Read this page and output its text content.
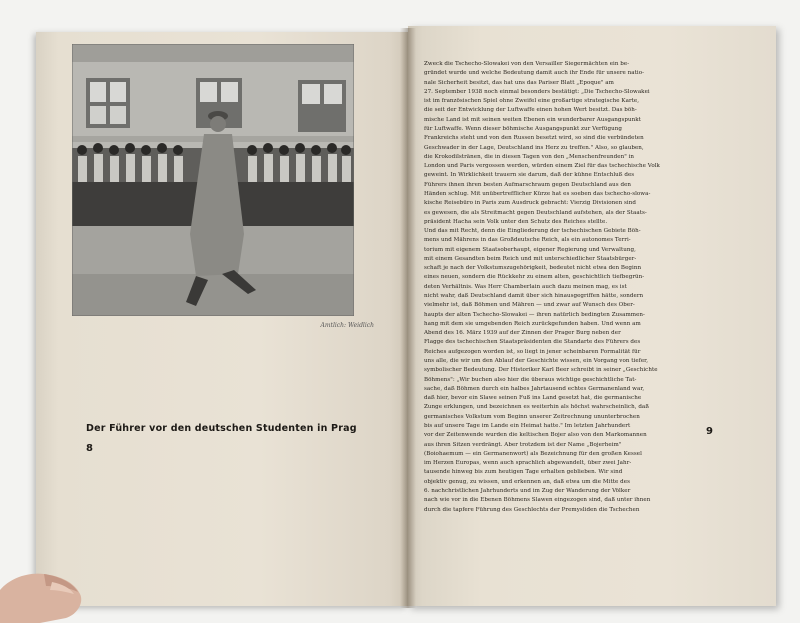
Amtlich: Weidlich
Der Führer vor den deutschen Studenten in Prag
8
Zweck die Tschecho-Slowakei von den Versailler Siegermächten ein be-
gründet wurde und welche Bedeutung damit auch ihr Ende für unsere natio-
nale Sicherheit besitzt, das hat uns das Pariser Blatt „Epoque" am
27. September 1938 noch einmal besonders bestätigt: „Die Tschecho-Slowakei
ist im französischen Spiel ohne Zweifel eine großartige strategische Karte,
die seit der Entwicklung der Luftwaffe einen hohen Wert besitzt. Das böh-
mische Land ist mit seinen weiten Ebenen ein wunderbarer Ausgangspunkt
für Luftwaffe. Wenn dieser böhmische Ausgangspunkt zur Verfügung
Frankreichs steht und von den Russen besetzt wird, so sind die verbündeten
Geschwader in der Lage, Deutschland ins Herz zu treffen." Also, so glauben,
die Krokodilstränen, die in diesen Tagen von den „Menschenfreunden" in
London und Paris vergossen werden, würden einem Ziel für das tschechische Volk
geweint. In Wirklichkeit trauern sie darum, daß der kühne Entschluß des
Führers ihnen ihren besten Aufmarschraum gegen Deutschland aus den
Händen schlug. Mit unübertrefflicher Kürze hat es soeben das tschecho-slowa-
kische Reisebüro in Paris zum Ausdruck gebracht: Vierzig Divisionen sind
es gewesen, die als Streitmacht gegen Deutschland aufstehen, als der Staats-
präsident Hacha sein Volk unter den Schutz des Reiches stellte.
Und das mit Recht, denn die Eingliederung der tschechischen Gebiete Böh-
mens und Mährens in das Großdeutsche Reich, als ein autonomes Terri-
torium mit eigenem Staatsoberhaupt, eigener Regierung und Verwaltung,
mit einem Gesandten beim Reich und mit unterschiedlicher Staatsbürger-
schaft je nach der Volkstumszugehörigkeit, bedeutet nicht etwa den Beginn
eines neuen, sondern die Rückkehr zu einem alten, geschichtlich tiefbegrün-
deten Verhältnis. Was Herr Chamberlain auch dazu meinen mag, es ist
nicht wahr, daß Deutschland damit über sich hinausgegriffen hätte, sondern
vielmehr ist, daß Böhmen und Mähren — und zwar auf Wunsch des Ober-
haupts der alten Tschecho-Slowakei — ihren natürlich bedingten Zusammen-
hang mit dem sie umgebenden Reich zurückgefunden haben. Und wenn am
Abend des 16. März 1939 auf der Zinnen der Prager Burg neben der
Flagge des tschechischen Staatspräsidenten die Standarte des Führers des
Reiches aufgezogen worden ist, so liegt in jener scheinbaren Formalität für
uns alle, die wir um den Ablauf der Geschichte wissen, ein Vorgang von tiefer,
symbolischer Bedeutung. Der Historiker Karl Beer schreibt in seiner „Geschichte
Böhmens": „Wir buchen also hier die überaus wichtige geschichtliche Tat-
sache, daß Böhmen durch ein halbes Jahrtausend echtes Germanenland war,
daß hier, bevor ein Slawe seinen Fuß ins Land gesetzt hat, die germanische
Zunge erklungen, und bezeichnen es weiterhin als höchst wahrscheinlich, daß
germanisches Volkstum vom Beginn unserer Zeitrechnung ununterbrochen
bis auf unsere Tage im Lande ein Heimat hatte." Im letzten Jahrhundert
vor der Zeitenwende wurden die keltischen Bojer also von den Markomannen
aus ihren Sitzen verdrängt. Aber trotzdem ist der Name „Bojerheim"
(Boiohaemum — ein Germanenwort) als Bezeichnung für den großen Kessel
im Herzen Europas, wenn auch sprachlich abgewandelt, über zwei Jahr-
tausende hinweg bis zum heutigen Tage erhalten geblieben. Wir sind
objektiv genug, zu wissen, und erkennen an, daß etwa um die Mitte des
6. nachchristlichen Jahrhunderts und im Zug der Wanderung der Völker
nach wie vor in die Ebenen Böhmens Slawen eingezogen sind, daß unter ihnen
durch die tapfere Führung des Geschlechts der Premysliden die Tschechen
9
